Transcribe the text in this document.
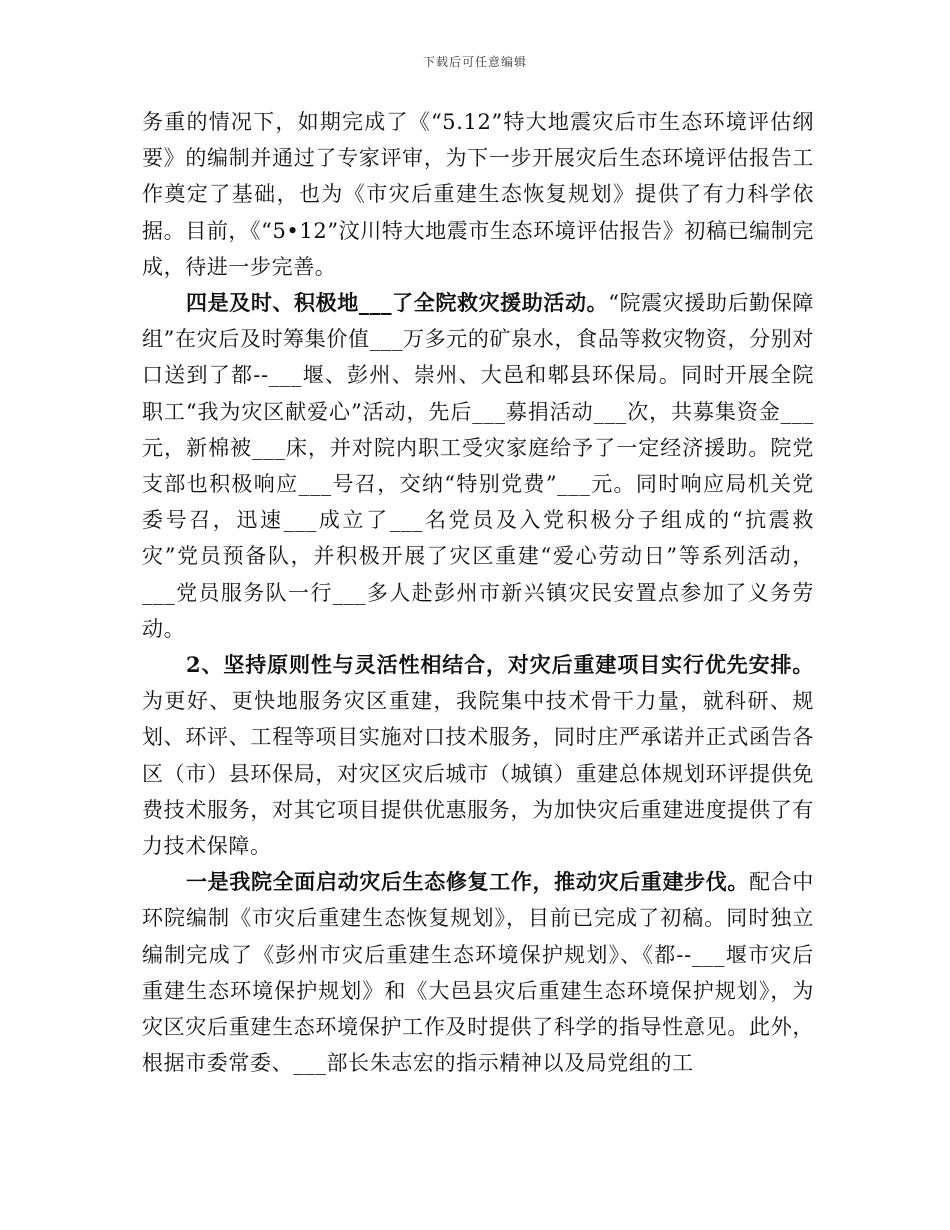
下载后可任意编辑

务重的情况下，如期完成了《“5.12”特大地震灾后市生态环境评估纲要》的编制并通过了专家评审，为下一步开展灾后生态环境评估报告工作奠定了基础，也为《市灾后重建生态恢复规划》提供了有力科学依据。目前，《“5•12”汶川特大地震市生态环境评估报告》初稿已编制完成，待进一步完善。

四是及时、积极地___了全院救灾援助活动。“院震灾援助后勤保障组”在灾后及时筹集价值___万多元的矿泉水，食品等救灾物资，分别对口送到了都--___堰、彭州、崇州、大邑和郫县环保局。同时开展全院职工“我为灾区献爱心”活动，先后___募捐活动___次，共募集资金___元，新棉被___床，并对院内职工受灾家庭给予了一定经济援助。院党支部也积极响应___号召，交纳“特别党费”___元。同时响应局机关党委号召，迅速___成立了___名党员及入党积极分子组成的“抗震救灾”党员预备队，并积极开展了灾区重建“爱心劳动日”等系列活动，___党员服务队一行___多人赴彭州市新兴镇灾民安置点参加了义务劳动。

2、坚持原则性与灵活性相结合，对灾后重建项目实行优先安排。为更好、更快地服务灾区重建，我院集中技术骨干力量，就科研、规划、环评、工程等项目实施对口技术服务，同时庄严承诺并正式函告各区（市）县环保局，对灾区灾后城市（城镇）重建总体规划环评提供免费技术服务，对其它项目提供优惠服务，为加快灾后重建进度提供了有力技术保障。

一是我院全面启动灾后生态修复工作，推动灾后重建步伐。配合中环院编制《市灾后重建生态恢复规划》，目前已完成了初稿。同时独立编制完成了《彭州市灾后重建生态环境保护规划》、《都--___堰市灾后重建生态环境保护规划》和《大邑县灾后重建生态环境保护规划》，为灾区灾后重建生态环境保护工作及时提供了科学的指导性意见。此外，根据市委常委、___部长朱志宏的指示精神以及局党组的工
